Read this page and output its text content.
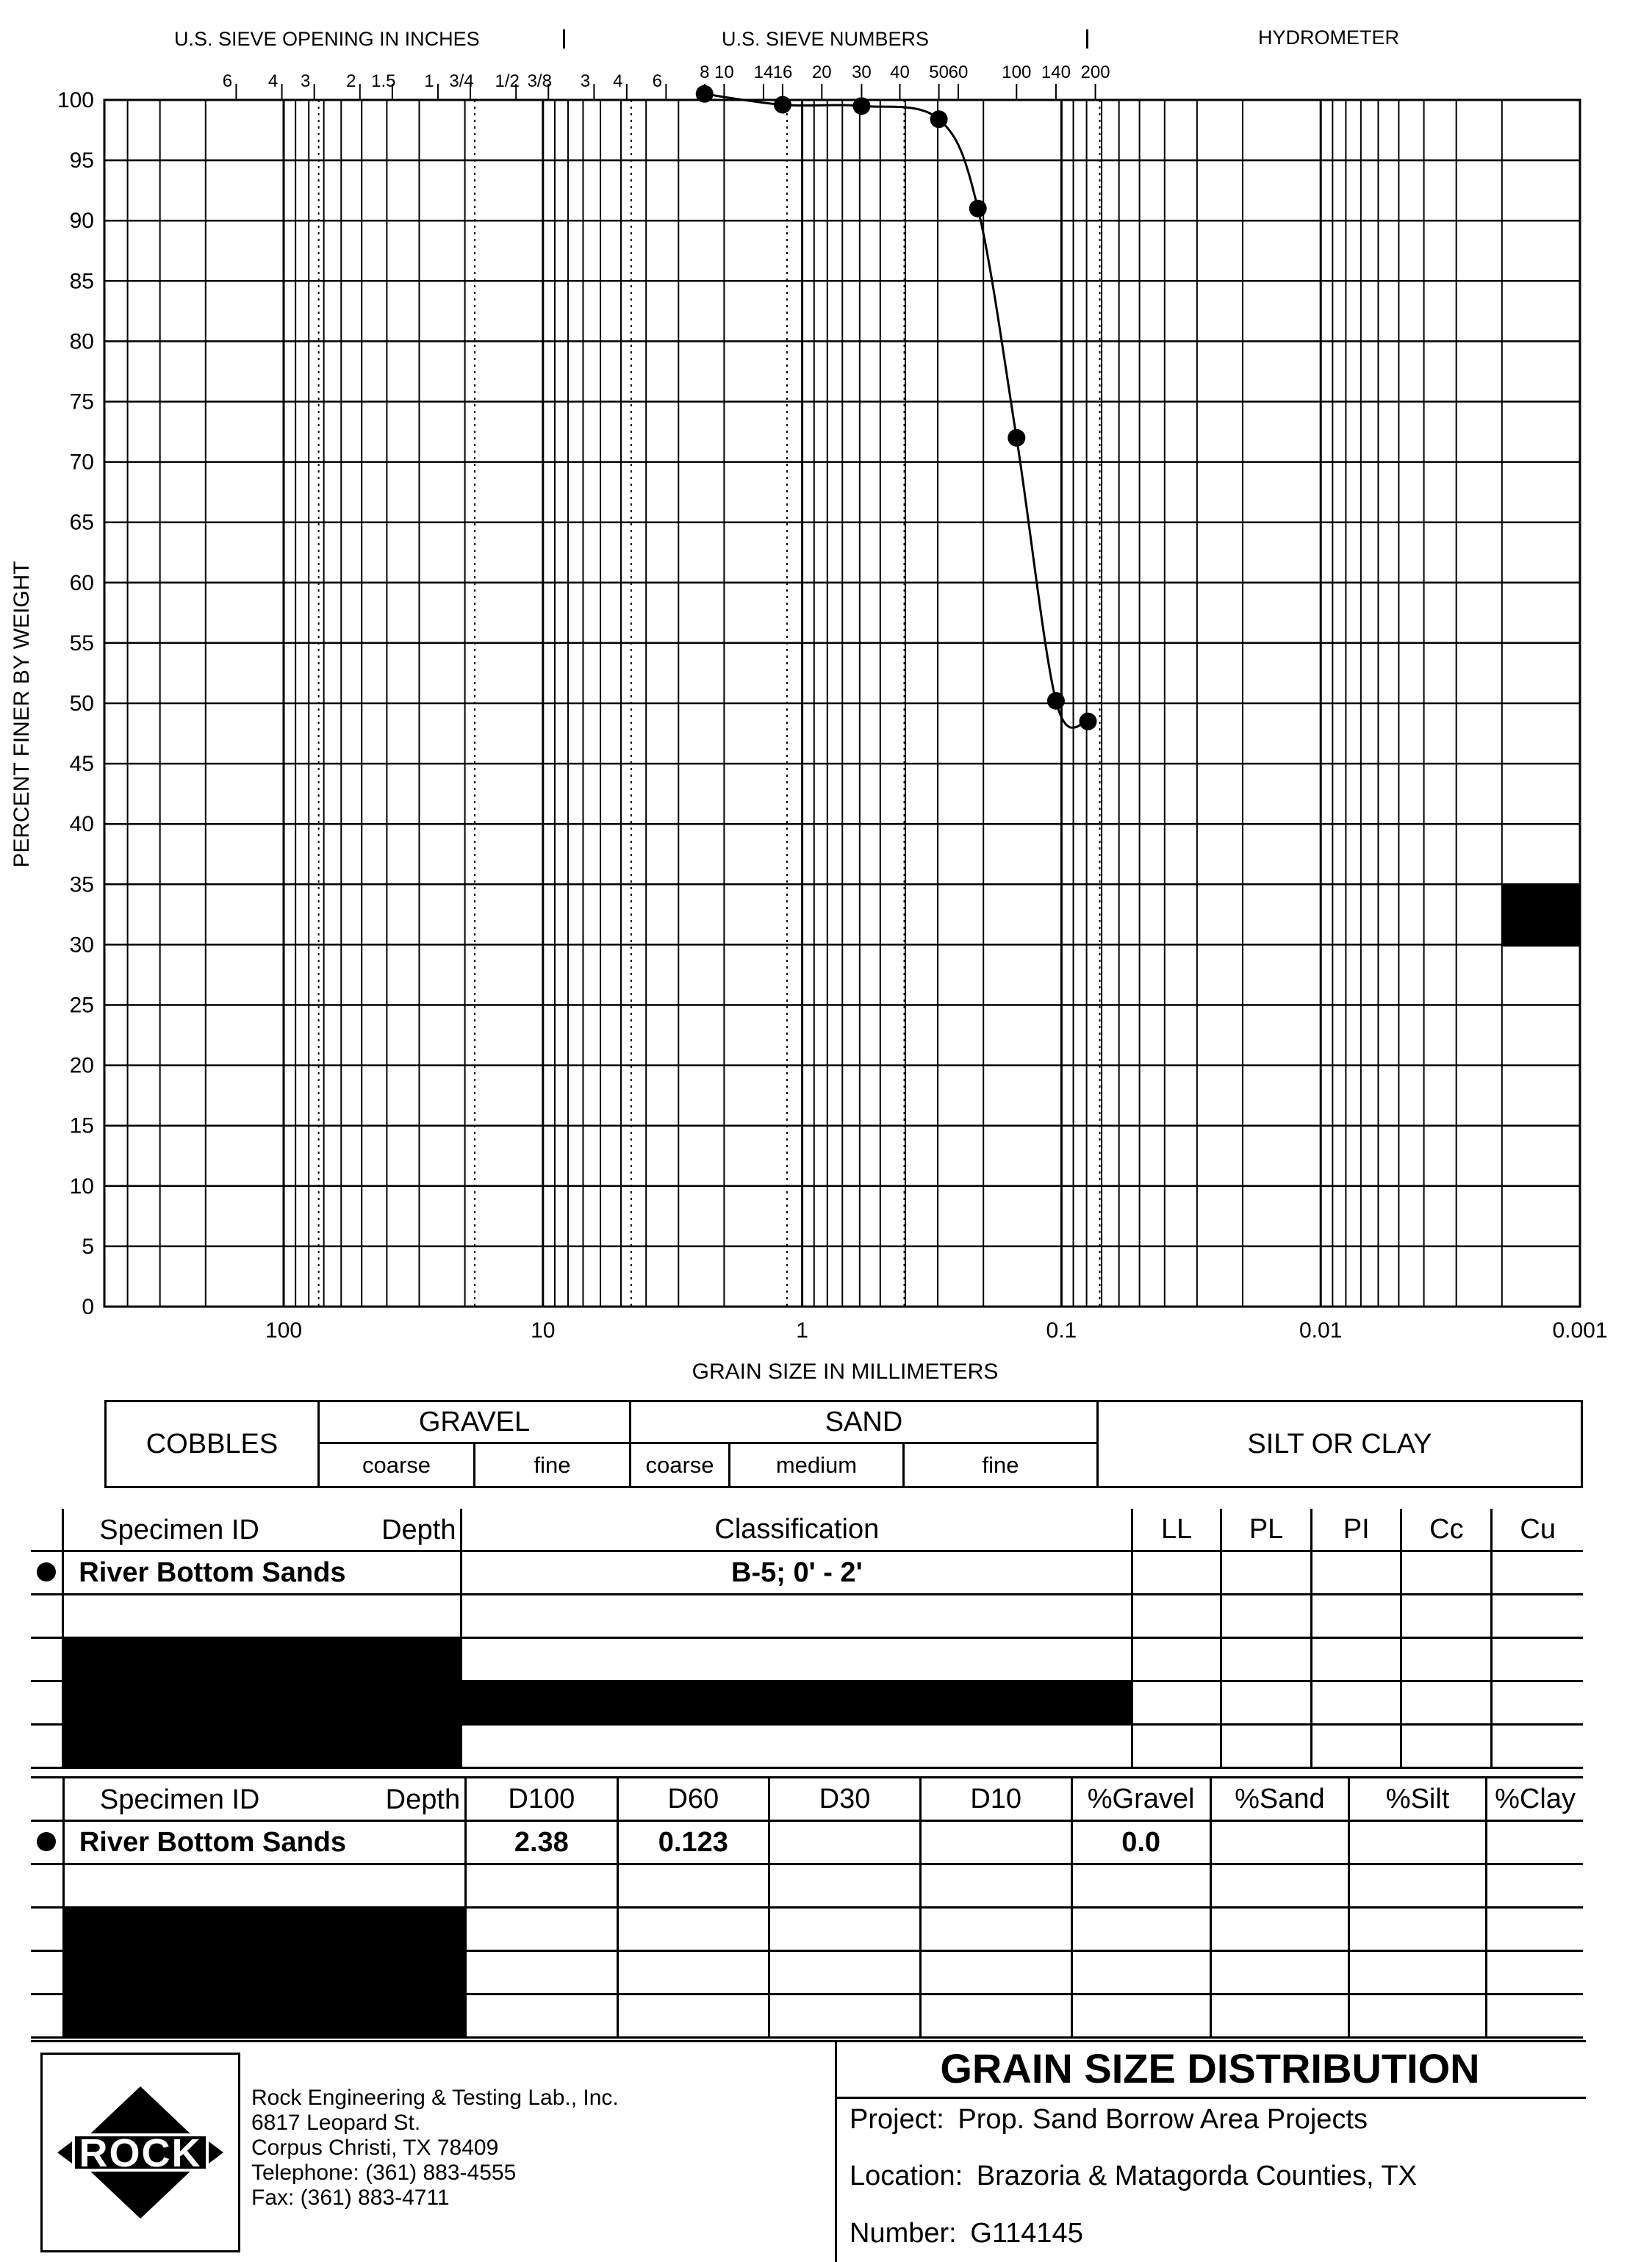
0
5
10
15
20
25
30
35
40
45
50
55
60
65
70
75
80
85
90
95
100
100	10	1	0.1	0.01	0.001
6 4 3 2 1.5 1 3/4 1/2 3/8 3 4 6 8 10 14 16 20 30 40 50 60 100 140 200
U.S. SIEVE OPENING IN INCHES	U.S. SIEVE NUMBERS	HYDROMETER
PERCENT FINER BY WEIGHT
GRAIN SIZE IN MILLIMETERS
COBBLES
GRAVEL
coarse	fine
SAND
coarse	medium	fine
SILT OR CLAY

	Specimen ID Depth	Classification	LL	PL	PI	Cc	Cu
	River Bottom Sands	B-5; 0' - 2'					

	Specimen ID Depth	D100	D60	D30	D10	%Gravel	%Sand	%Silt	%Clay
	River Bottom Sands	2.38	0.123			0.0			

ROCK
Rock Engineering & Testing Lab., Inc.
6817 Leopard St.
Corpus Christi, TX 78409
Telephone: (361) 883-4555
Fax: (361) 883-4711
GRAIN SIZE DISTRIBUTION
Project: Prop. Sand Borrow Area Projects
Location: Brazoria & Matagorda Counties, TX
Number: G114145
